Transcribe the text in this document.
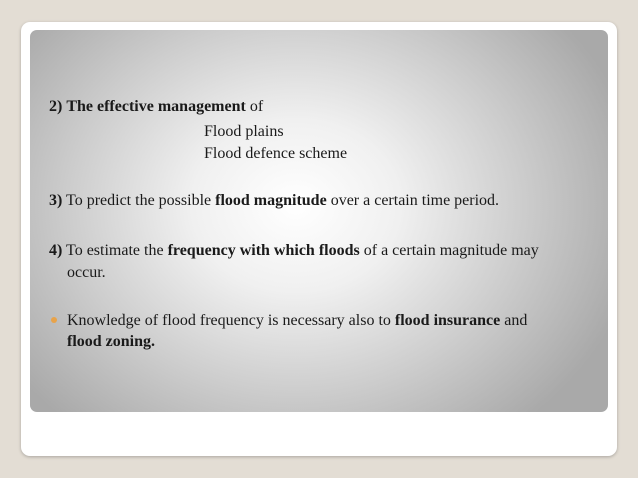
2) The effective management of
Flood plains
Flood defence scheme
3) To predict the possible flood magnitude over a certain time period.
4) To estimate the frequency with which floods of a certain magnitude may
occur.
Knowledge of flood frequency is necessary also to flood insurance and
flood zoning.
